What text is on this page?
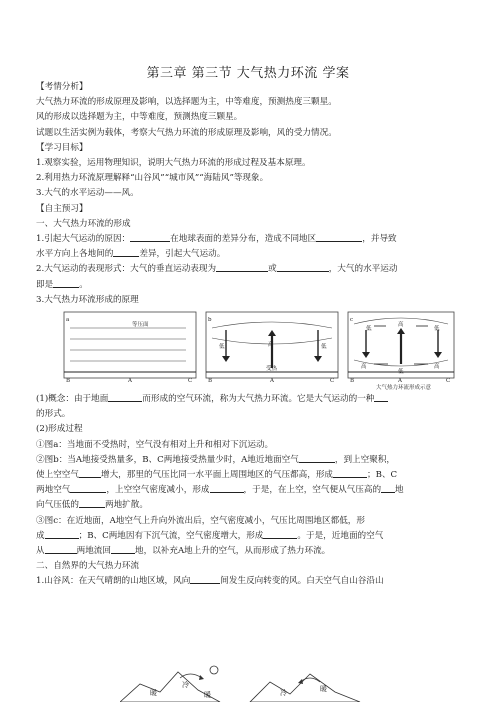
第三章 第三节 大气热力环流 学案
【考情分析】
大气热力环流的形成原理及影响，以选择题为主，中等难度，预测热度三颗星。
风的形成以选择题为主，中等难度，预测热度三颗星。
试题以生活实例为载体，考察大气热力环流的形成原理及影响，风的受力情况。
【学习目标】
1.观察实验，运用物理知识，说明大气热力环流的形成过程及基本原理。
2.利用热力环流原理解释“山谷风”“城市风”“海陆风”等现象。
3.大气的水平运动——风。
【自主预习】
一、大气热力环流的形成
1.引起大气运动的原因：	在地球表面的差异分布，造成不同地区	，并导致
水平方向上各地间的	差异，引起大气运动。
2.大气运动的表现形式：大气的垂直运动表现为	或	，大气的水平运动
即是	。
3.大气热力环流形成的原理
a
等压面
B	A	C
b
高
低	低
受热
B	A	C
c
低
高
低
高
低
高
B	A	C
大气热力环流形成示意
(1)概念：由于地面	而形成的空气环流，称为大气热力环流。它是大气运动的一种
的形式。
(2)形成过程
①图a：当地面不受热时，空气没有相对上升和相对下沉运动。
②图b：当A地接受热量多，B、C两地接受热量少时，A地近地面空气	，到上空聚积，
使上空空气	增大，那里的气压比同一水平面上周围地区的气压都高，形成	；B、C
两地空气	，上空空气密度减小，形成	，于是，在上空，空气便从气压高的 地
向气压低的	两地扩散。
③图c：在近地面，A地空气上升向外流出后，空气密度减小，气压比周围地区都低，形
成	；B、C两地因有下沉气流，空气密度增大，形成	。于是，近地面的空气
从	两地流回	地，以补充A地上升的空气，从而形成了热力环流。
二、自然界的大气热力环流
1.山谷风：在天气晴朗的山地区域，风向	间发生反向转变的风。白天空气自山谷沿山
暖
冷
暖	冷	暖
